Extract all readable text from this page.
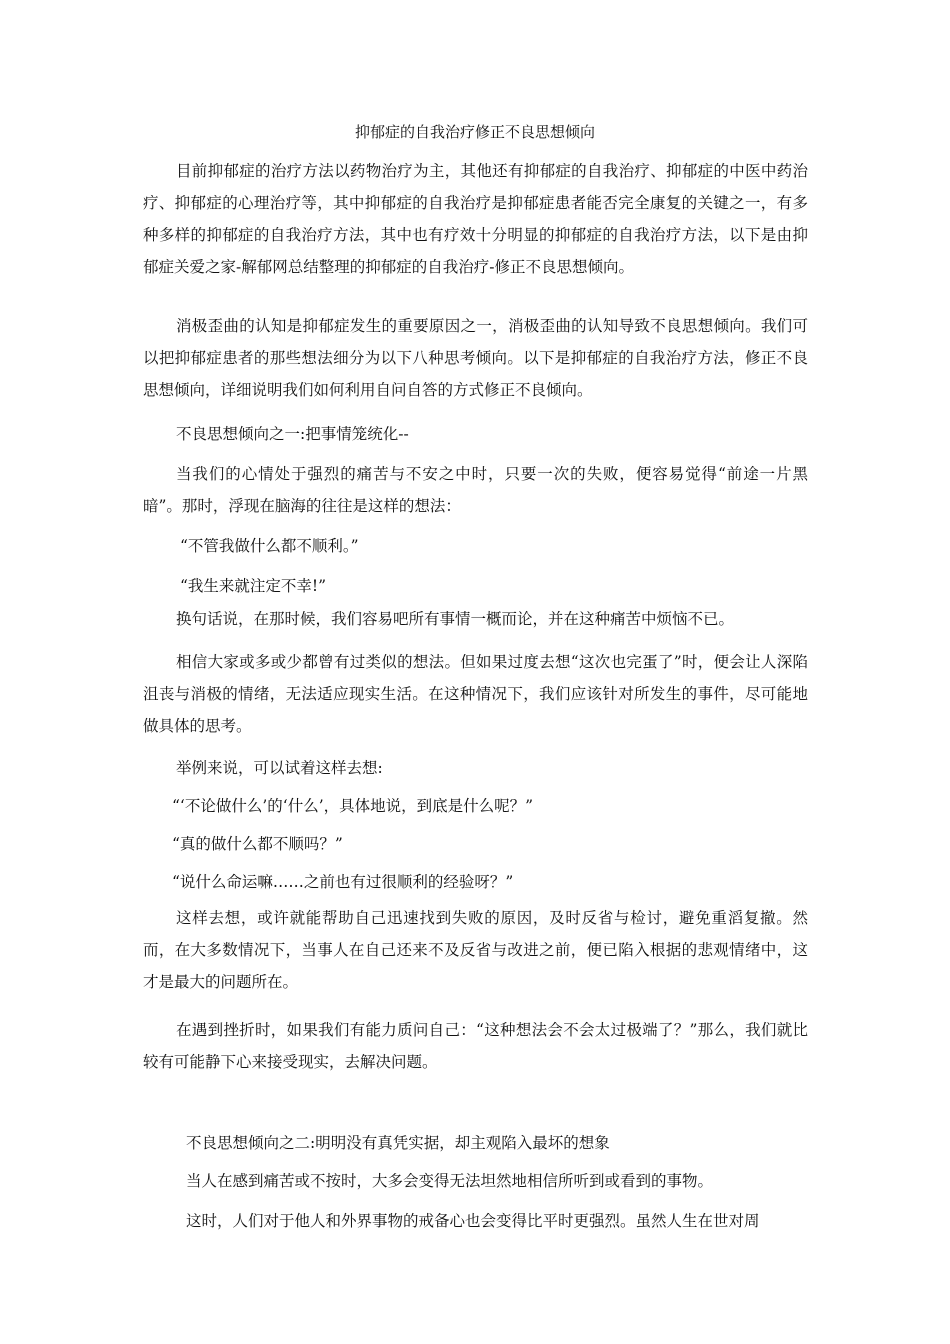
抑郁症的自我治疗修正不良思想倾向

目前抑郁症的治疗方法以药物治疗为主，其他还有抑郁症的自我治疗、抑郁症的中医中药治疗、抑郁症的心理治疗等，其中抑郁症的自我治疗是抑郁症患者能否完全康复的关键之一，有多种多样的抑郁症的自我治疗方法，其中也有疗效十分明显的抑郁症的自我治疗方法，以下是由抑郁症关爱之家-解郁网总结整理的抑郁症的自我治疗-修正不良思想倾向。

消极歪曲的认知是抑郁症发生的重要原因之一，消极歪曲的认知导致不良思想倾向。我们可以把抑郁症患者的那些想法细分为以下八种思考倾向。以下是抑郁症的自我治疗方法，修正不良思想倾向，详细说明我们如何利用自问自答的方式修正不良倾向。

不良思想倾向之一:把事情笼统化--

当我们的心情处于强烈的痛苦与不安之中时，只要一次的失败，便容易觉得“前途一片黑暗”。那时，浮现在脑海的往往是这样的想法：

“不管我做什么都不顺利。”

“我生来就注定不幸!”

换句话说，在那时候，我们容易吧所有事情一概而论，并在这种痛苦中烦恼不已。

相信大家或多或少都曾有过类似的想法。但如果过度去想“这次也完蛋了”时，便会让人深陷沮丧与消极的情绪，无法适应现实生活。在这种情况下，我们应该针对所发生的事件，尽可能地做具体的思考。

举例来说，可以试着这样去想:

“‘不论做什么’的‘什么’，具体地说，到底是什么呢？”

“真的做什么都不顺吗？”

“说什么命运嘛……之前也有过很顺利的经验呀？”

这样去想，或许就能帮助自己迅速找到失败的原因，及时反省与检讨，避免重滔复撤。然而，在大多数情况下，当事人在自己还来不及反省与改进之前，便已陷入根据的悲观情绪中，这才是最大的问题所在。

在遇到挫折时，如果我们有能力质问自己：“这种想法会不会太过极端了？”那么，我们就比较有可能静下心来接受现实，去解决问题。

不良思想倾向之二:明明没有真凭实据，却主观陷入最坏的想象

当人在感到痛苦或不按时，大多会变得无法坦然地相信所听到或看到的事物。

这时，人们对于他人和外界事物的戒备心也会变得比平时更强烈。虽然人生在世对周
